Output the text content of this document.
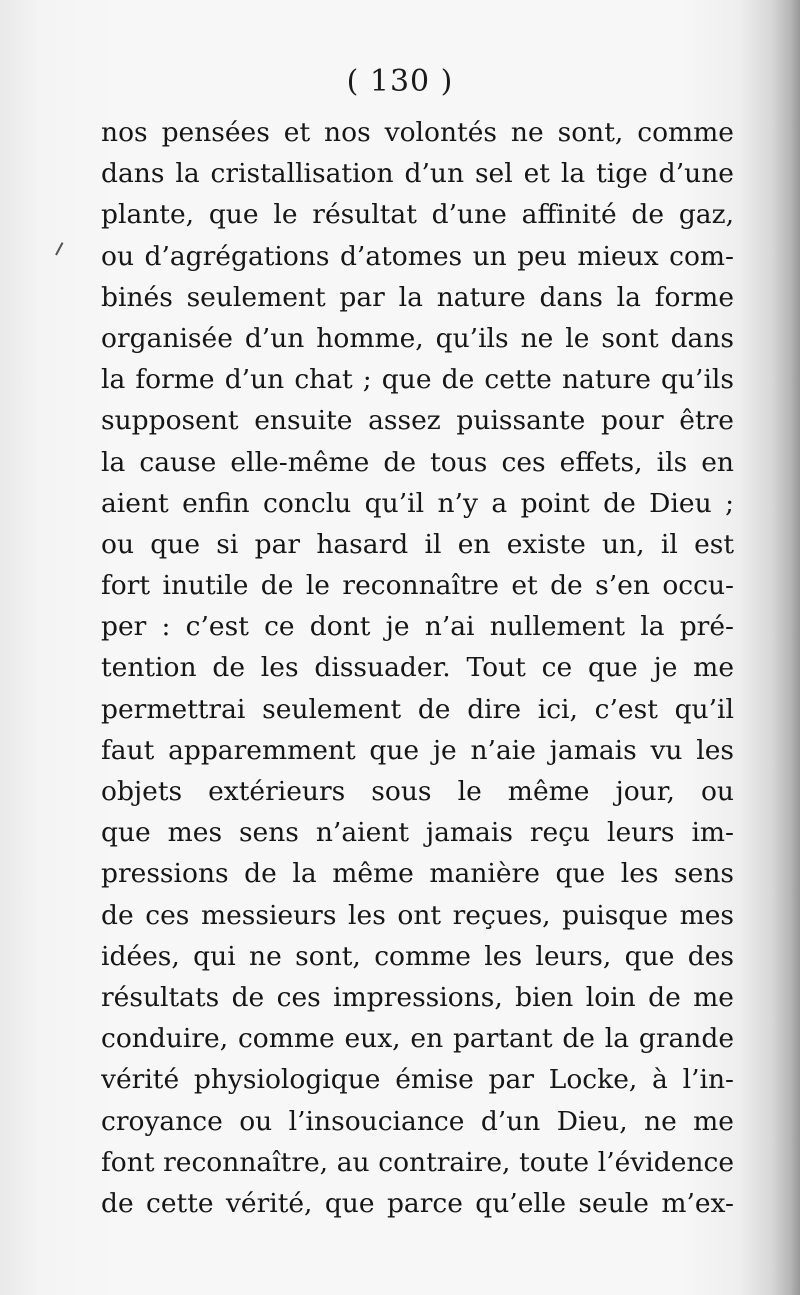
( 130 )
nos pensées et nos volontés ne sont, comme
dans la cristallisation d’un sel et la tige d’une
plante, que le résultat d’une affinité de gaz,
ou d’agrégations d’atomes un peu mieux com-
binés seulement par la nature dans la forme
organisée d’un homme, qu’ils ne le sont dans
la forme d’un chat ; que de cette nature qu’ils
supposent ensuite assez puissante pour être
la cause elle-même de tous ces effets, ils en
aient enfin conclu qu’il n’y a point de Dieu ;
ou que si par hasard il en existe un, il est
fort inutile de le reconnaître et de s’en occu-
per : c’est ce dont je n’ai nullement la pré-
tention de les dissuader. Tout ce que je me
permettrai seulement de dire ici, c’est qu’il
faut apparemment que je n’aie jamais vu les
objets extérieurs sous le même jour, ou
que mes sens n’aient jamais reçu leurs im-
pressions de la même manière que les sens
de ces messieurs les ont reçues, puisque mes
idées, qui ne sont, comme les leurs, que des
résultats de ces impressions, bien loin de me
conduire, comme eux, en partant de la grande
vérité physiologique émise par Locke, à l’in-
croyance ou l’insouciance d’un Dieu, ne me
font reconnaître, au contraire, toute l’évidence
de cette vérité, que parce qu’elle seule m’ex-
